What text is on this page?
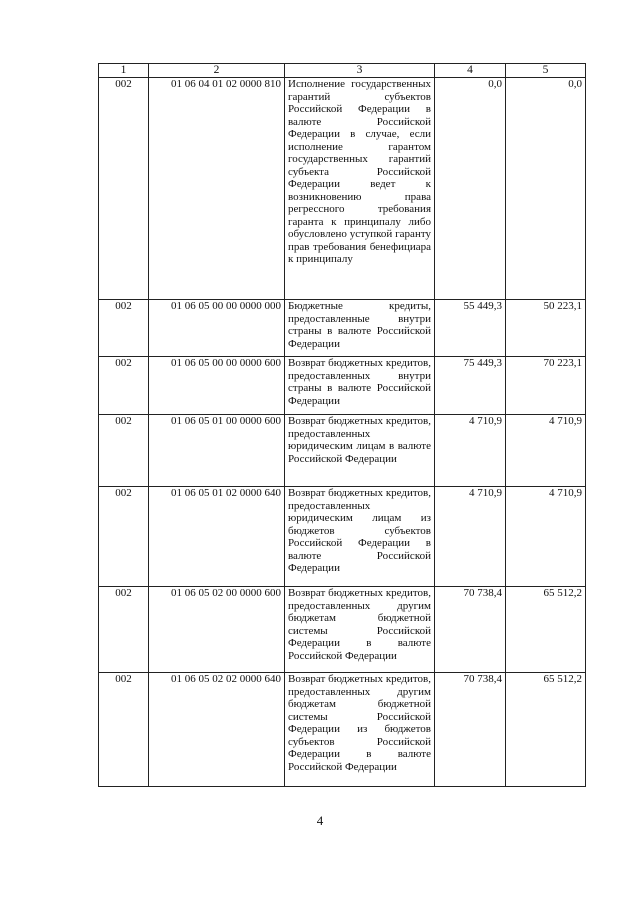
1	2	3	4	5
002	01 06 04 01 02 0000 810	Исполнение государственных гарантий субъектов Российской Федерации в валюте Российской Федерации в случае, если исполнение гарантом государственных гарантий субъекта Российской Федерации ведет к возникновению права регрессного требования гаранта к принципалу либо обусловлено уступкой гаранту прав требования бенефициара к принципалу	0,0	0,0
002	01 06 05 00 00 0000 000	Бюджетные кредиты, предоставленные внутри страны в валюте Российской Федерации	55 449,3	50 223,1
002	01 06 05 00 00 0000 600	Возврат бюджетных кредитов, предоставленных внутри страны в валюте Российской Федерации	75 449,3	70 223,1
002	01 06 05 01 00 0000 600	Возврат бюджетных кредитов, предоставленных юридическим лицам в валюте Российской Федерации	4 710,9	4 710,9
002	01 06 05 01 02 0000 640	Возврат бюджетных кредитов, предоставленных юридическим лицам из бюджетов субъектов Российской Федерации в валюте Российской Федерации	4 710,9	4 710,9
002	01 06 05 02 00 0000 600	Возврат бюджетных кредитов, предоставленных другим бюджетам бюджетной системы Российской Федерации в валюте Российской Федерации	70 738,4	65 512,2
002	01 06 05 02 02 0000 640	Возврат бюджетных кредитов, предоставленных другим бюджетам бюджетной системы Российской Федерации из бюджетов субъектов Российской Федерации в валюте Российской Федерации	70 738,4	65 512,2
4
